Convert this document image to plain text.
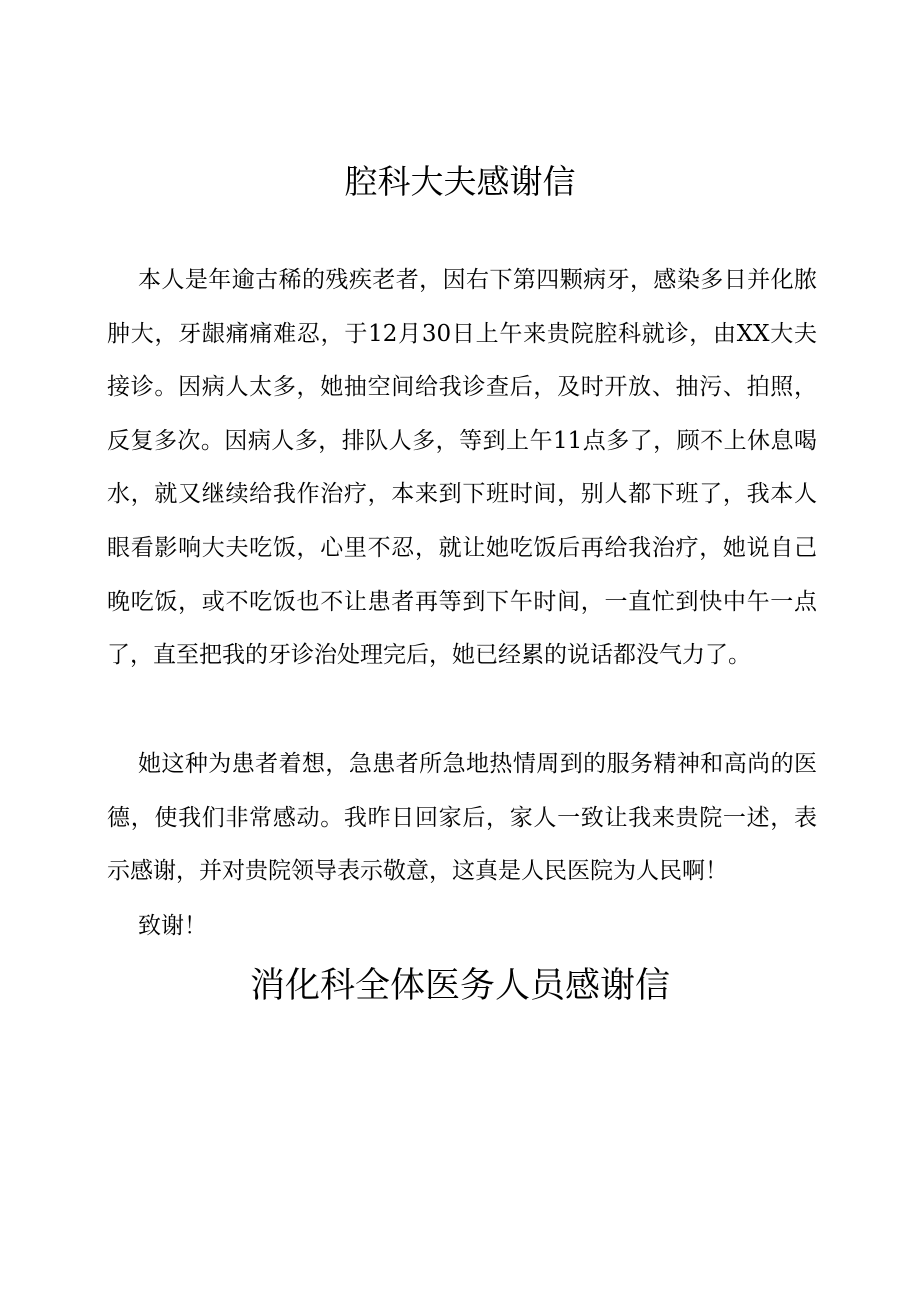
腔科大夫感谢信

本人是年逾古稀的残疾老者，因右下第四颗病牙，感染多日并化脓肿大，牙龈痛痛难忍，于12月30日上午来贵院腔科就诊，由XX大夫接诊。因病人太多，她抽空间给我诊查后，及时开放、抽污、拍照，反复多次。因病人多，排队人多，等到上午11点多了，顾不上休息喝水，就又继续给我作治疗，本来到下班时间，别人都下班了，我本人眼看影响大夫吃饭，心里不忍，就让她吃饭后再给我治疗，她说自己晚吃饭，或不吃饭也不让患者再等到下午时间，一直忙到快中午一点了，直至把我的牙诊治处理完后，她已经累的说话都没气力了。

她这种为患者着想，急患者所急地热情周到的服务精神和高尚的医德，使我们非常感动。我昨日回家后，家人一致让我来贵院一述，表示感谢，并对贵院领导表示敬意，这真是人民医院为人民啊！

致谢！

消化科全体医务人员感谢信
